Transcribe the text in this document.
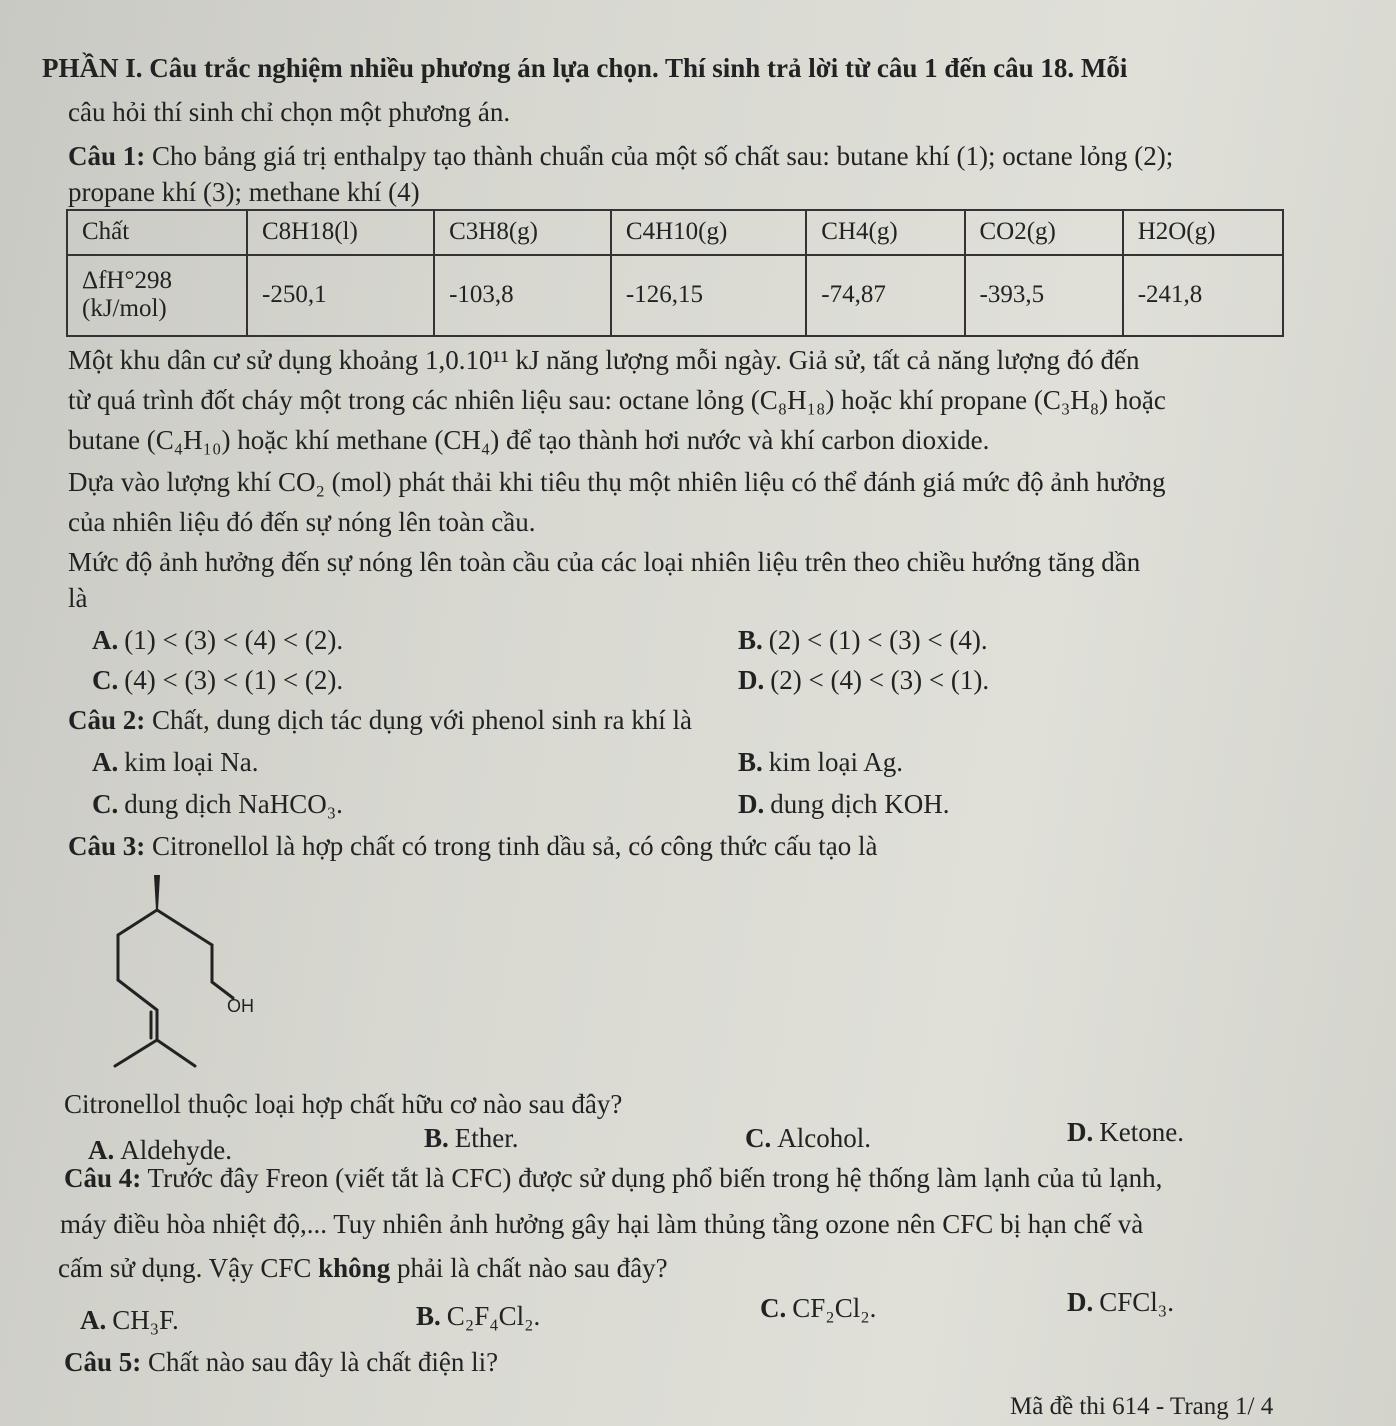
PHẦN I. Câu trắc nghiệm nhiều phương án lựa chọn. Thí sinh trả lời từ câu 1 đến câu 18. Mỗi
câu hỏi thí sinh chỉ chọn một phương án.
Câu 1: Cho bảng giá trị enthalpy tạo thành chuẩn của một số chất sau: butane khí (1); octane lỏng (2);
propane khí (3); methane khí (4)
Chất	C8H18(l)	C3H8(g)	C4H10(g)	CH4(g)	CO2(g)	H2O(g)

ΔfH°298
(kJ/mol)	-250,1	-103,8	-126,15	-74,87	-393,5	-241,8
Một khu dân cư sử dụng khoảng 1,0.10¹¹ kJ năng lượng mỗi ngày. Giả sử, tất cả năng lượng đó đến
từ quá trình đốt cháy một trong các nhiên liệu sau: octane lỏng (C₈H₁₈) hoặc khí propane (C₃H₈) hoặc
butane (C₄H₁₀) hoặc khí methane (CH₄) để tạo thành hơi nước và khí carbon dioxide.
Dựa vào lượng khí CO₂ (mol) phát thải khi tiêu thụ một nhiên liệu có thể đánh giá mức độ ảnh hưởng
của nhiên liệu đó đến sự nóng lên toàn cầu.
Mức độ ảnh hưởng đến sự nóng lên toàn cầu của các loại nhiên liệu trên theo chiều hướng tăng dần
là
A. (1) < (3) < (4) < (2).	B. (2) < (1) < (3) < (4).
C. (4) < (3) < (1) < (2).	D. (2) < (4) < (3) < (1).
Câu 2: Chất, dung dịch tác dụng với phenol sinh ra khí là
A. kim loại Na.	B. kim loại Ag.
C. dung dịch NaHCO₃.	D. dung dịch KOH.
Câu 3: Citronellol là hợp chất có trong tinh dầu sả, có công thức cấu tạo là
OH
Citronellol thuộc loại hợp chất hữu cơ nào sau đây?
A. Aldehyde.	B. Ether.	C. Alcohol.	D. Ketone.
Câu 4: Trước đây Freon (viết tắt là CFC) được sử dụng phổ biến trong hệ thống làm lạnh của tủ lạnh,
máy điều hòa nhiệt độ,... Tuy nhiên ảnh hưởng gây hại làm thủng tầng ozone nên CFC bị hạn chế và
cấm sử dụng. Vậy CFC không phải là chất nào sau đây?
A. CH₃F.	B. C₂F₄Cl₂.	C. CF₂Cl₂.	D. CFCl₃.
Câu 5: Chất nào sau đây là chất điện li?
Mã đề thi 614 - Trang 1/ 4
